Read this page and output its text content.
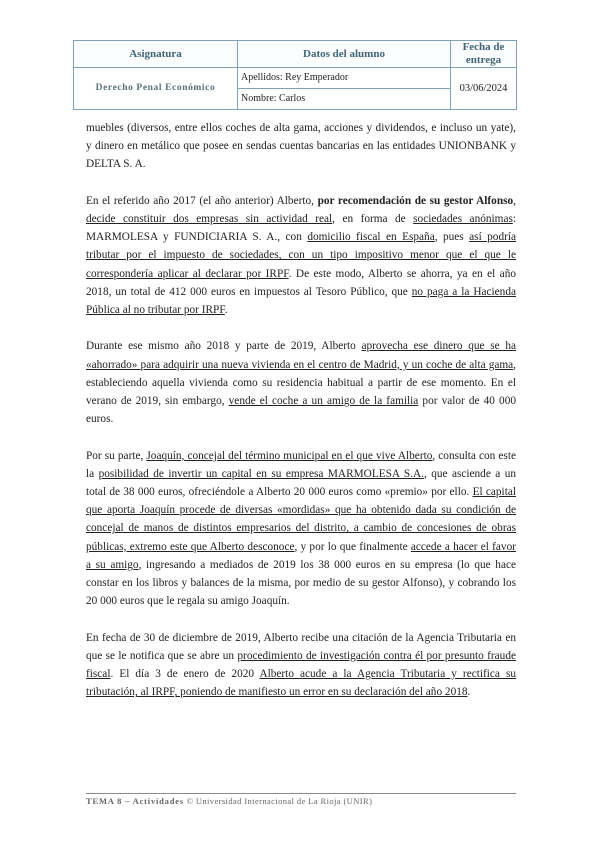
Asignatura	Datos del alumno	Fecha de entrega
Derecho Penal Económico	Apellidos: Rey Emperador	03/06/2024
	Nombre: Carlos	

muebles (diversos, entre ellos coches de alta gama, acciones y dividendos, e incluso un yate), y dinero en metálico que posee en sendas cuentas bancarias en las entidades UNIONBANK y DELTA S. A.

En el referido año 2017 (el año anterior) Alberto, por recomendación de su gestor Alfonso, decide constituir dos empresas sin actividad real, en forma de sociedades anónimas: MARMOLESA y FUNDICIARIA S. A., con domicilio fiscal en España, pues así podría tributar por el impuesto de sociedades, con un tipo impositivo menor que el que le correspondería aplicar al declarar por IRPF. De este modo, Alberto se ahorra, ya en el año 2018, un total de 412 000 euros en impuestos al Tesoro Público, que no paga a la Hacienda Pública al no tributar por IRPF.

Durante ese mismo año 2018 y parte de 2019, Alberto aprovecha ese dinero que se ha «ahorrado» para adquirir una nueva vivienda en el centro de Madrid, y un coche de alta gama, estableciendo aquella vivienda como su residencia habitual a partir de ese momento. En el verano de 2019, sin embargo, vende el coche a un amigo de la familia por valor de 40 000 euros.

Por su parte, Joaquín, concejal del término municipal en el que vive Alberto, consulta con este la posibilidad de invertir un capital en su empresa MARMOLESA S.A., que asciende a un total de 38 000 euros, ofreciéndole a Alberto 20 000 euros como «premio» por ello. El capital que aporta Joaquín procede de diversas «mordidas» que ha obtenido dada su condición de concejal de manos de distintos empresarios del distrito, a cambio de concesiones de obras públicas, extremo este que Alberto desconoce, y por lo que finalmente accede a hacer el favor a su amigo, ingresando a mediados de 2019 los 38 000 euros en su empresa (lo que hace constar en los libros y balances de la misma, por medio de su gestor Alfonso), y cobrando los 20 000 euros que le regala su amigo Joaquín.

En fecha de 30 de diciembre de 2019, Alberto recibe una citación de la Agencia Tributaria en que se le notifica que se abre un procedimiento de investigación contra él por presunto fraude fiscal. El día 3 de enero de 2020 Alberto acude a la Agencia Tributaria y rectifica su tributación, al IRPF, poniendo de manifiesto un error en su declaración del año 2018.

TEMA 8 – Actividades © Universidad Internacional de La Rioja (UNIR)
